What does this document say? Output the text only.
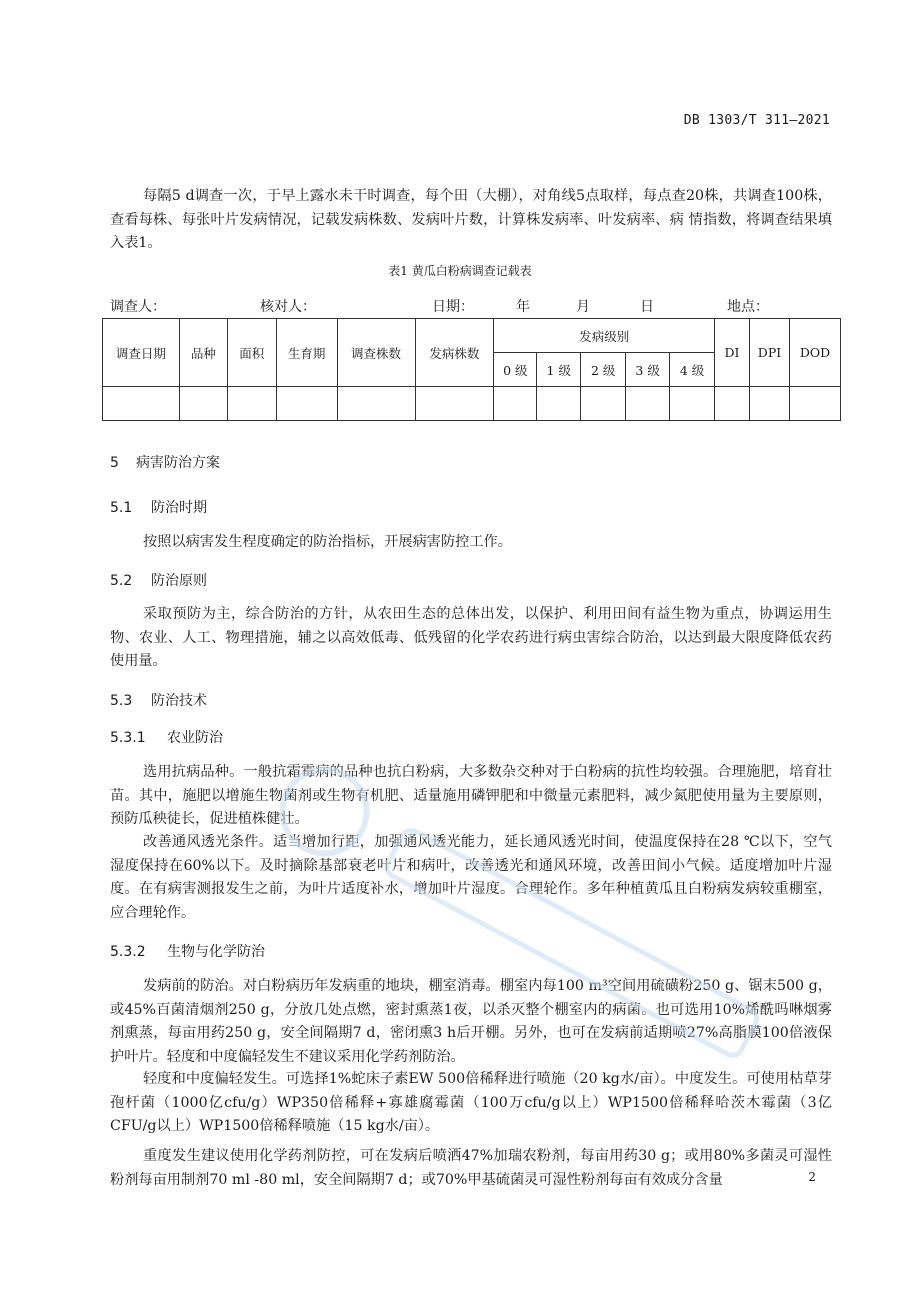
DB 1303/T 311—2021

每隔5 d调查一次，于早上露水未干时调查，每个田（大棚），对角线5点取样，每点查20株，共调查100株，查看每株、每张叶片发病情况，记载发病株数、发病叶片数，计算株发病率、叶发病率、病 情指数，将调查结果填入表1。

表1 黄瓜白粉病调查记载表
调查人：	核对人：	日期：	年	月	日	地点：
调查日期	品种	面积	生育期	调查株数	发病株数	发病级别					DI	DPI	DOD
						0 级	1 级	2 级	3 级	4 级			

5 病害防治方案
5.1 防治时期

按照以病害发生程度确定的防治指标，开展病害防控工作。

5.2 防治原则

采取预防为主，综合防治的方针，从农田生态的总体出发，以保护、利用田间有益生物为重点，协调运用生物、农业、人工、物理措施，辅之以高效低毒、低残留的化学农药进行病虫害综合防治，以达到最大限度降低农药使用量。

5.3 防治技术
5.3.1 农业防治

选用抗病品种。一般抗霜霉病的品种也抗白粉病，大多数杂交种对于白粉病的抗性均较强。合理施肥，培育壮苗。其中，施肥以增施生物菌剂或生物有机肥、适量施用磷钾肥和中微量元素肥料，减少氮肥使用量为主要原则，预防瓜秧徒长，促进植株健壮。

改善通风透光条件。适当增加行距，加强通风透光能力，延长通风透光时间，使温度保持在28 ℃以下，空气湿度保持在60%以下。及时摘除基部衰老叶片和病叶，改善透光和通风环境，改善田间小气候。适度增加叶片湿度。在有病害测报发生之前，为叶片适度补水，增加叶片湿度。合理轮作。多年种植黄瓜且白粉病发病较重棚室，应合理轮作。

5.3.2 生物与化学防治

发病前的防治。对白粉病历年发病重的地块，棚室消毒。棚室内每100 m³空间用硫磺粉250 g、锯末500 g，或45%百菌清烟剂250 g，分放几处点燃，密封熏蒸1夜，以杀灭整个棚室内的病菌。也可选用10%烯酰吗啉烟雾剂熏蒸，每亩用药250 g，安全间隔期7 d，密闭熏3 h后开棚。另外，也可在发病前适期喷27%高脂膜100倍液保护叶片。轻度和中度偏轻发生不建议采用化学药剂防治。

轻度和中度偏轻发生。可选择1%蛇床子素EW 500倍稀释进行喷施（20 kg水/亩）。中度发生。可使用枯草芽孢杆菌（1000亿cfu/g）WP350倍稀释+寡雄腐霉菌（100万cfu/g以上）WP1500倍稀释哈茨木霉菌（3亿CFU/g以上）WP1500倍稀释喷施（15 kg水/亩）。

重度发生建议使用化学药剂防控，可在发病后喷洒47%加瑞农粉剂，每亩用药30 g；或用80%多菌灵可湿性粉剂每亩用制剂70 ml -80 ml，安全间隔期7 d；或70%甲基硫菌灵可湿性粉剂每亩有效成分含量	2
